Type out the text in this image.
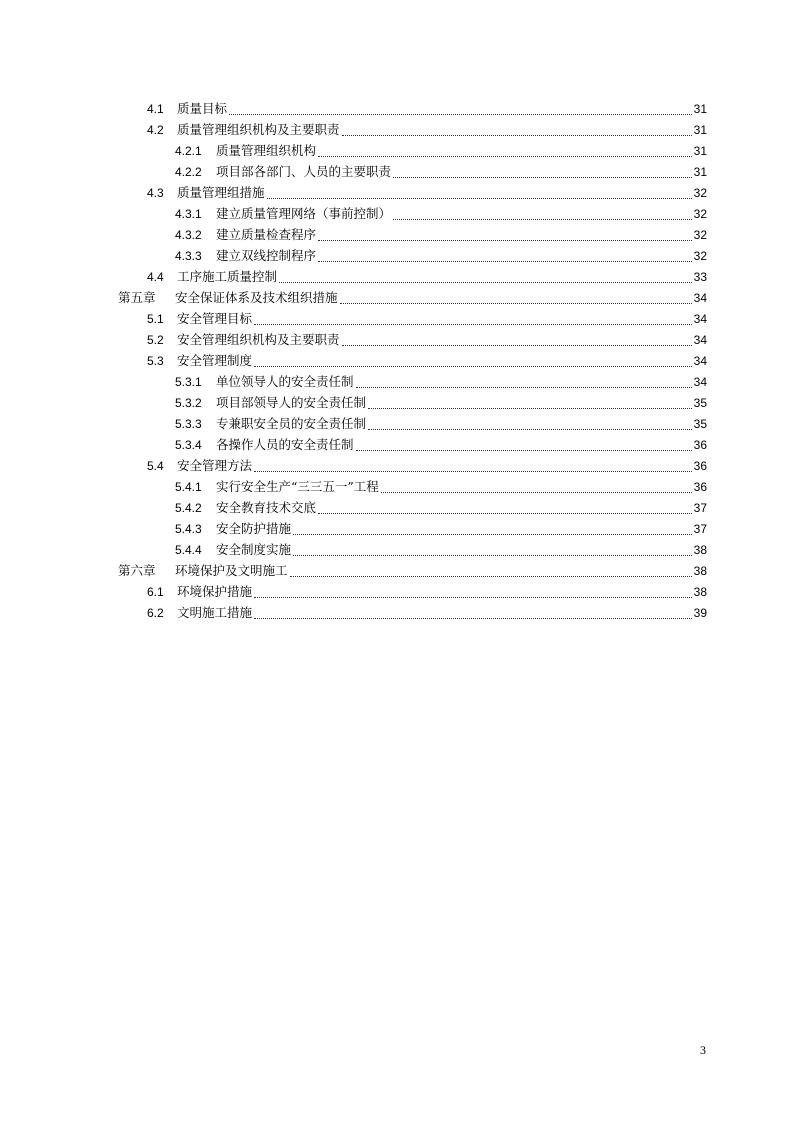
4.1	质量目标	31
4.2	质量管理组织机构及主要职责	31
4.2.1	质量管理组织机构	31
4.2.2	项目部各部门、人员的主要职责	31
4.3	质量管理组措施	32
4.3.1	建立质量管理网络（事前控制）	32
4.3.2	建立质量检查程序	32
4.3.3	建立双线控制程序	32
4.4	工序施工质量控制	33
第五章	安全保证体系及技术组织措施	34
5.1	安全管理目标	34
5.2	安全管理组织机构及主要职责	34
5.3	安全管理制度	34
5.3.1	单位领导人的安全责任制	34
5.3.2	项目部领导人的安全责任制	35
5.3.3	专兼职安全员的安全责任制	35
5.3.4	各操作人员的安全责任制	36
5.4	安全管理方法	36
5.4.1	实行安全生产“三三五一”工程	36
5.4.2	安全教育技术交底	37
5.4.3	安全防护措施	37
5.4.4	安全制度实施	38
第六章	环境保护及文明施工	38
6.1	环境保护措施	38
6.2	文明施工措施	39
3
